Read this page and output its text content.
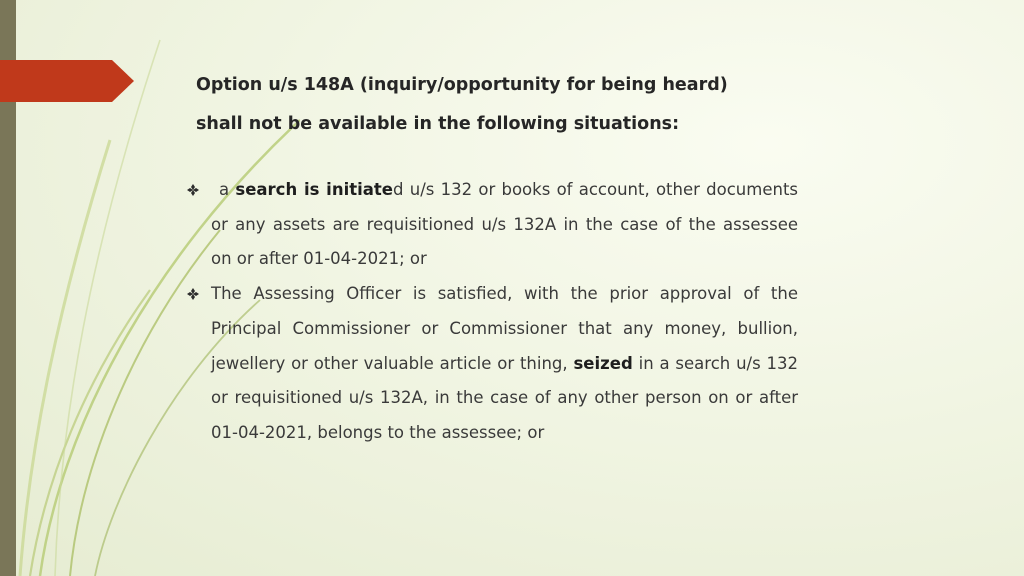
Option u/s 148A (inquiry/opportunity for being heard)
shall not be available in the following situations:
a search is initiated u/s 132 or books of account, other documents or any assets are requisitioned u/s 132A in the case of the assessee on or after 01-04-2021; or
The Assessing Officer is satisfied, with the prior approval of the Principal Commissioner or Commissioner that any money, bullion, jewellery or other valuable article or thing, seized in a search u/s 132 or requisitioned u/s 132A, in the case of any other person on or after 01-04-2021, belongs to the assessee; or
